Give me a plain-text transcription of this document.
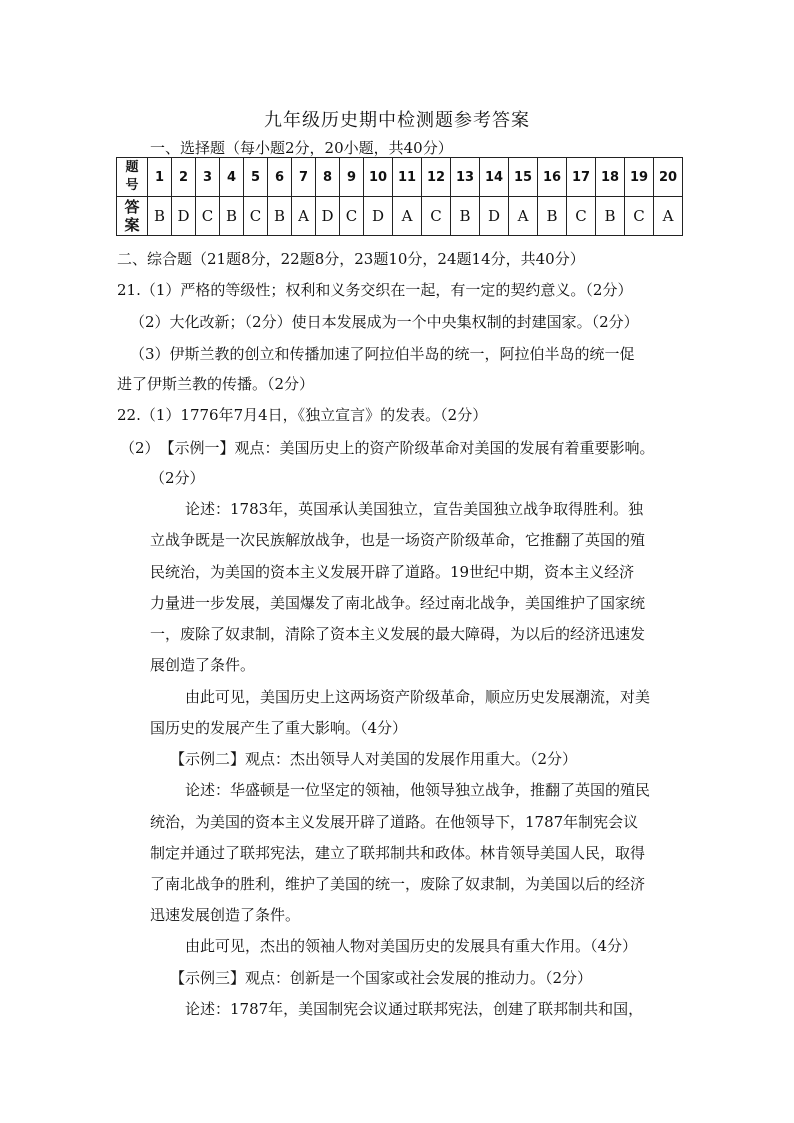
九年级历史期中检测题参考答案
一、选择题（每小题2分，20小题，共40分）
题
号	1	2	3	4	5	6	7	8	9	10	11	12	13	14	15	16	17	18	19	20
答
案	B	D	C	B	C	B	A	D	C	D	A	C	B	D	A	B	C	B	C	A
二、综合题（21题8分，22题8分，23题10分，24题14分，共40分）
21.（1）严格的等级性；权利和义务交织在一起，有一定的契约意义。（2分）
（2）大化改新；（2分）使日本发展成为一个中央集权制的封建国家。（2分）
（3）伊斯兰教的创立和传播加速了阿拉伯半岛的统一，阿拉伯半岛的统一促
进了伊斯兰教的传播。（2分）
22.（1）1776年7月4日，《独立宣言》的发表。（2分）
（2）　【示例一】观点：美国历史上的资产阶级革命对美国的发展有着重要影响。
（2分）
论述：1783年，英国承认美国独立，宣告美国独立战争取得胜利。独
立战争既是一次民族解放战争，也是一场资产阶级革命，它推翻了英国的殖
民统治，为美国的资本主义发展开辟了道路。19世纪中期，资本主义经济
力量进一步发展，美国爆发了南北战争。经过南北战争，美国维护了国家统
一，废除了奴隶制，清除了资本主义发展的最大障碍，为以后的经济迅速发
展创造了条件。
由此可见，美国历史上这两场资产阶级革命，顺应历史发展潮流，对美
国历史的发展产生了重大影响。（4分）
【示例二】观点：杰出领导人对美国的发展作用重大。（2分）
论述：华盛顿是一位坚定的领袖，他领导独立战争，推翻了英国的殖民
统治，为美国的资本主义发展开辟了道路。在他领导下，1787年制宪会议
制定并通过了联邦宪法，建立了联邦制共和政体。林肯领导美国人民，取得
了南北战争的胜利，维护了美国的统一，废除了奴隶制，为美国以后的经济
迅速发展创造了条件。
由此可见，杰出的领袖人物对美国历史的发展具有重大作用。（4分）
【示例三】观点：创新是一个国家或社会发展的推动力。（2分）
论述：1787年，美国制宪会议通过联邦宪法，创建了联邦制共和国，
